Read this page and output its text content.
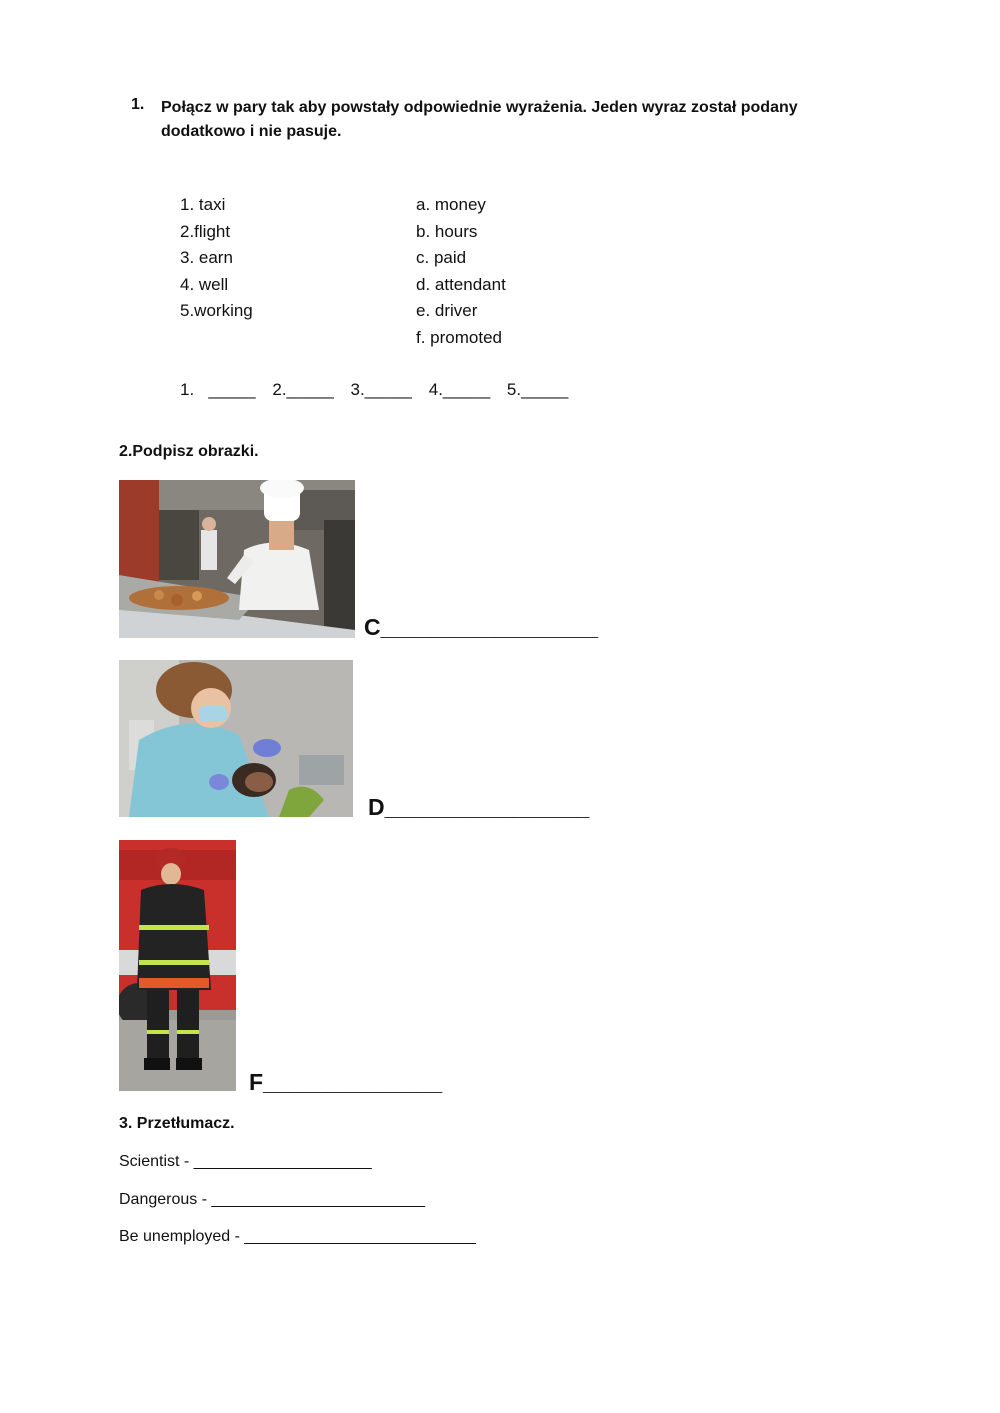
1. Połącz w pary tak aby powstały odpowiednie wyrażenia. Jeden wyraz został podany dodatkowo i nie pasuje.
1. taxi
2.flight
3. earn
4. well
5.working
a. money
b. hours
c. paid
d. attendant
e. driver
f. promoted
1.   _____ 2._____ 3._____ 4._____ 5._____
2.Podpisz obrazki.
C_________________
D________________
F______________
3. Przetłumacz.
Scientist - ____________________
Dangerous - ________________________
Be unemployed - __________________________
